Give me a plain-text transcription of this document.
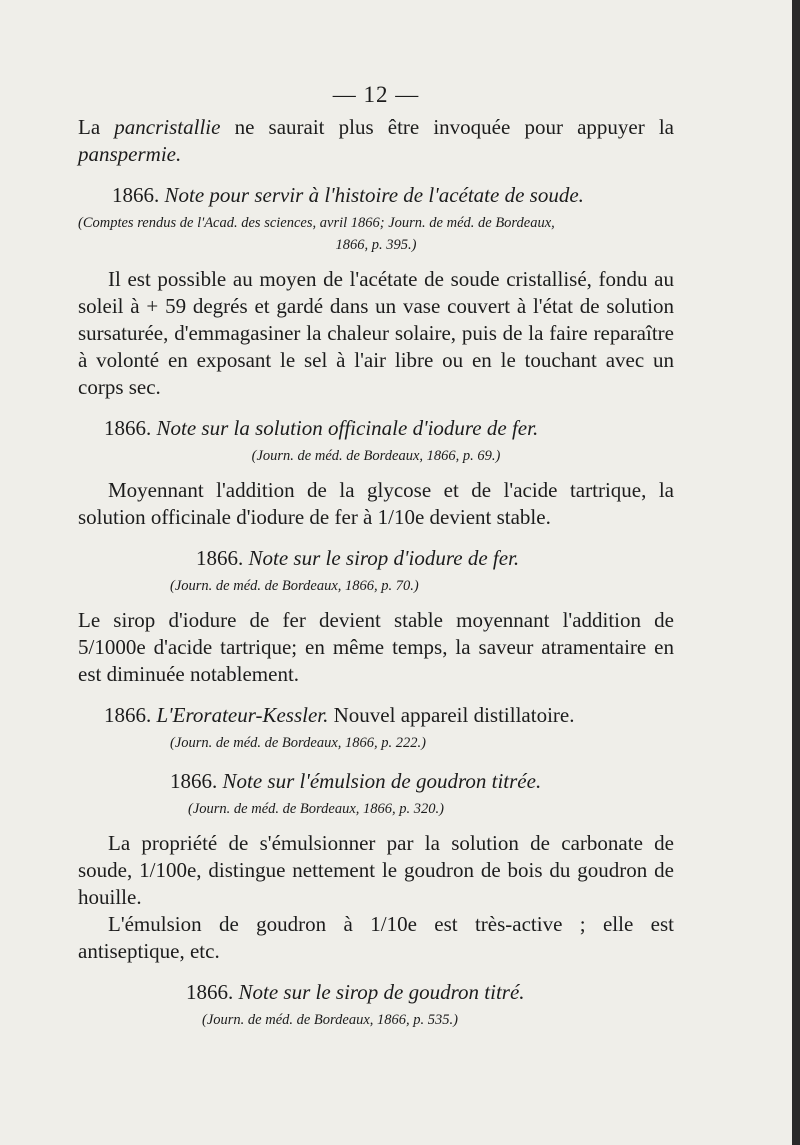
— 12 —

La pancristallie ne saurait plus être invoquée pour appuyer la panspermie.

1866. Note pour servir à l'histoire de l'acétate de soude.
(Comptes rendus de l'Acad. des sciences, avril 1866; Journ. de méd. de Bordeaux,
1866, p. 395.)

Il est possible au moyen de l'acétate de soude cristallisé, fondu au soleil à + 59 degrés et gardé dans un vase couvert à l'état de solution sursaturée, d'emmagasiner la chaleur solaire, puis de la faire reparaître à volonté en exposant le sel à l'air libre ou en le touchant avec un corps sec.

1866. Note sur la solution officinale d'iodure de fer.
(Journ. de méd. de Bordeaux, 1866, p. 69.)

Moyennant l'addition de la glycose et de l'acide tartrique, la solution officinale d'iodure de fer à 1/10e devient stable.

1866. Note sur le sirop d'iodure de fer.
(Journ. de méd. de Bordeaux, 1866, p. 70.)

Le sirop d'iodure de fer devient stable moyennant l'addition de 5/1000e d'acide tartrique; en même temps, la saveur atramentaire en est diminuée notablement.

1866. L'Erorateur-Kessler. Nouvel appareil distillatoire.
(Journ. de méd. de Bordeaux, 1866, p. 222.)
1866. Note sur l'émulsion de goudron titrée.
(Journ. de méd. de Bordeaux, 1866, p. 320.)

La propriété de s'émulsionner par la solution de carbonate de soude, 1/100e, distingue nettement le goudron de bois du goudron de houille.

L'émulsion de goudron à 1/10e est très-active ; elle est antiseptique, etc.

1866. Note sur le sirop de goudron titré.
(Journ. de méd. de Bordeaux, 1866, p. 535.)
